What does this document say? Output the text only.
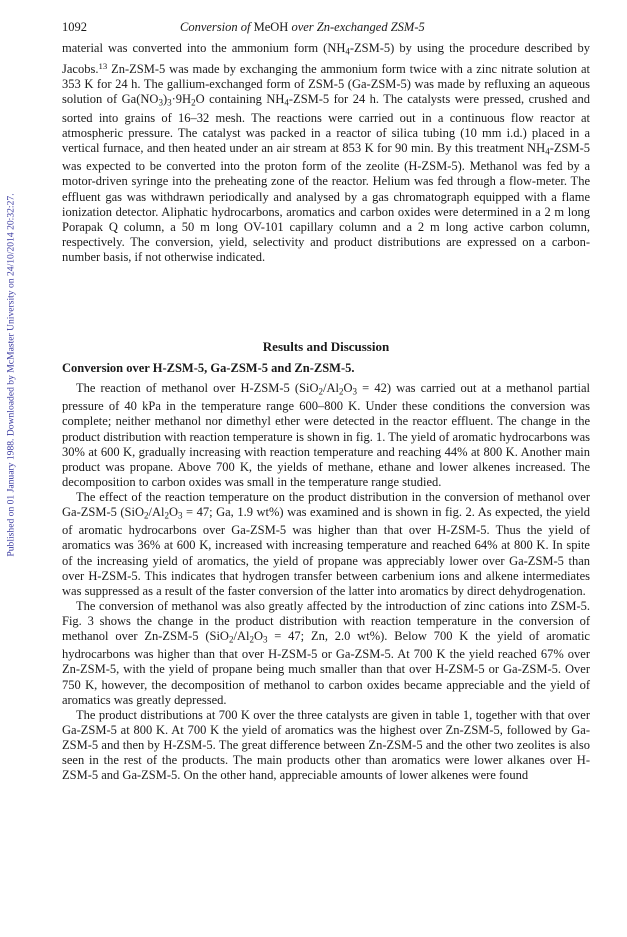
Published on 01 January 1988. Downloaded by McMaster University on 24/10/2014 20:32:27.
1092	Conversion of MeOH over Zn-exchanged ZSM-5

material was converted into the ammonium form $(NH_4-ZSM-5)$ by using the procedure described by Jacobs.$^{13}$ Zn-ZSM-5 was made by exchanging the ammonium form twice with a zinc nitrate solution at 353 K for 24 h. The gallium-exchanged form of ZSM-5 (Ga-ZSM-5) was made by refluxing an aqueous solution of $Ga(NO_3)_3\cdot 9H_2O$ containing $NH_4-ZSM-5$ for 24 h. The catalysts were pressed, crushed and sorted into grains of 16–32 mesh. The reactions were carried out in a continuous flow reactor at atmospheric pressure. The catalyst was packed in a reactor of silica tubing (10 mm i.d.) placed in a vertical furnace, and then heated under an air stream at 853 K for 90 min. By this treatment $NH_4-ZSM-5$ was expected to be converted into the proton form of the zeolite (H-ZSM-5). Methanol was fed by a motor-driven syringe into the preheating zone of the reactor. Helium was fed through a flow-meter. The effluent gas was withdrawn periodically and analysed by a gas chromatograph equipped with a flame ionization detector. Aliphatic hydrocarbons, aromatics and carbon oxides were determined in a 2 m long Porapak Q column, a 50 m long OV-101 capillary column and a 2 m long active carbon column, respectively. The conversion, yield, selectivity and product distributions are expressed on a carbon-number basis, if not otherwise indicated.

Results and Discussion
Conversion over H-ZSM-5, Ga-ZSM-5 and Zn-ZSM-5.

The reaction of methanol over H-ZSM-5 $(SiO_2/Al_2O_3 = 42)$ was carried out at a methanol partial pressure of 40 kPa in the temperature range 600–800 K. Under these conditions the conversion was complete; neither methanol nor dimethyl ether were detected in the reactor effluent. The change in the product distribution with reaction temperature is shown in fig. 1. The yield of aromatic hydrocarbons was 30% at 600 K, gradually increasing with reaction temperature and reaching 44% at 800 K. Another main product was propane. Above 700 K, the yields of methane, ethane and lower alkenes increased. The decomposition to carbon oxides was small in the temperature range studied.

The effect of the reaction temperature on the product distribution in the conversion of methanol over Ga-ZSM-5 ($SiO_2/Al_2O_3 = 47$; Ga, 1.9 wt%) was examined and is shown in fig. 2. As expected, the yield of aromatic hydrocarbons over Ga-ZSM-5 was higher than that over H-ZSM-5. Thus the yield of aromatics was 36% at 600 K, increased with increasing temperature and reached 64% at 800 K. In spite of the increasing yield of aromatics, the yield of propane was appreciably lower over Ga-ZSM-5 than over H-ZSM-5. This indicates that hydrogen transfer between carbenium ions and alkene intermediates was suppressed as a result of the faster conversion of the latter into aromatics by direct dehydrogenation.

The conversion of methanol was also greatly affected by the introduction of zinc cations into ZSM-5. Fig. 3 shows the change in the product distribution with reaction temperature in the conversion of methanol over Zn-ZSM-5 ($SiO_2/Al_2O_3 = 47$; Zn, 2.0 wt%). Below 700 K the yield of aromatic hydrocarbons was higher than that over H-ZSM-5 or Ga-ZSM-5. At 700 K the yield reached 67% over Zn-ZSM-5, with the yield of propane being much smaller than that over H-ZSM-5 or Ga-ZSM-5. Over 750 K, however, the decomposition of methanol to carbon oxides became appreciable and the yield of aromatics was greatly depressed.

The product distributions at 700 K over the three catalysts are given in table 1, together with that over Ga-ZSM-5 at 800 K. At 700 K the yield of aromatics was the highest over Zn-ZSM-5, followed by Ga-ZSM-5 and then by H-ZSM-5. The great difference between Zn-ZSM-5 and the other two zeolites is also seen in the rest of the products. The main products other than aromatics were lower alkanes over H-ZSM-5 and Ga-ZSM-5. On the other hand, appreciable amounts of lower alkenes were found
